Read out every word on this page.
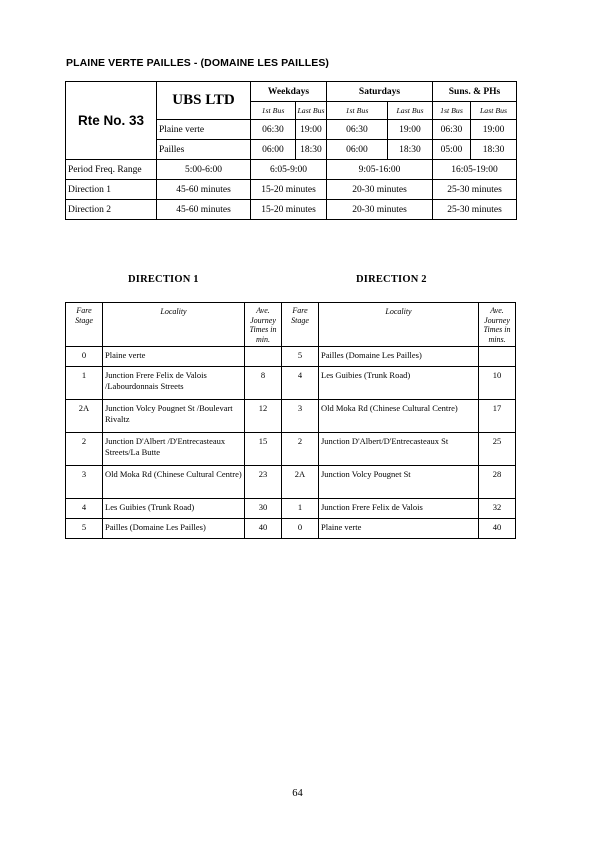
PLAINE VERTE PAILLES - (DOMAINE LES PAILLES)
Rte No. 33	UBS LTD	Weekdays		Saturdays		Suns. & PHs	
		1st Bus	Last Bus	1st Bus	Last Bus	1st Bus	Last Bus
	Plaine verte	06:30	19:00	06:30	19:00	06:30	19:00
	Pailles	06:00	18:30	06:00	18:30	05:00	18:30
Period Freq. Range	5:00-6:00	6:05-9:00		9:05-16:00		16:05-19:00	
Direction 1	45-60 minutes	15-20 minutes		20-30 minutes		25-30 minutes	
Direction 2	45-60 minutes	15-20 minutes		20-30 minutes		25-30 minutes	
DIRECTION 1	DIRECTION 2
Fare Stage	Locality	Ave. Journey Times in min.	Fare Stage	Locality	Ave. Journey Times in mins.
0	Plaine verte		5	Pailles (Domaine Les Pailles)	
1	Junction Frere Felix de Valois /Labourdonnais Streets	8	4	Les Guibies (Trunk Road)	10
2A	Junction Volcy Pougnet St /Boulevart Rivaltz	12	3	Old Moka Rd (Chinese Cultural Centre)	17
2	Junction D'Albert /D'Entrecasteaux Streets/La Butte	15	2	Junction D'Albert/D'Entrecasteaux St	25
3	Old Moka Rd (Chinese Cultural Centre)	23	2A	Junction Volcy Pougnet St	28
4	Les Guibies (Trunk Road)	30	1	Junction Frere Felix de Valois	32
5	Pailles (Domaine Les Pailles)	40	0	Plaine verte	40
64
